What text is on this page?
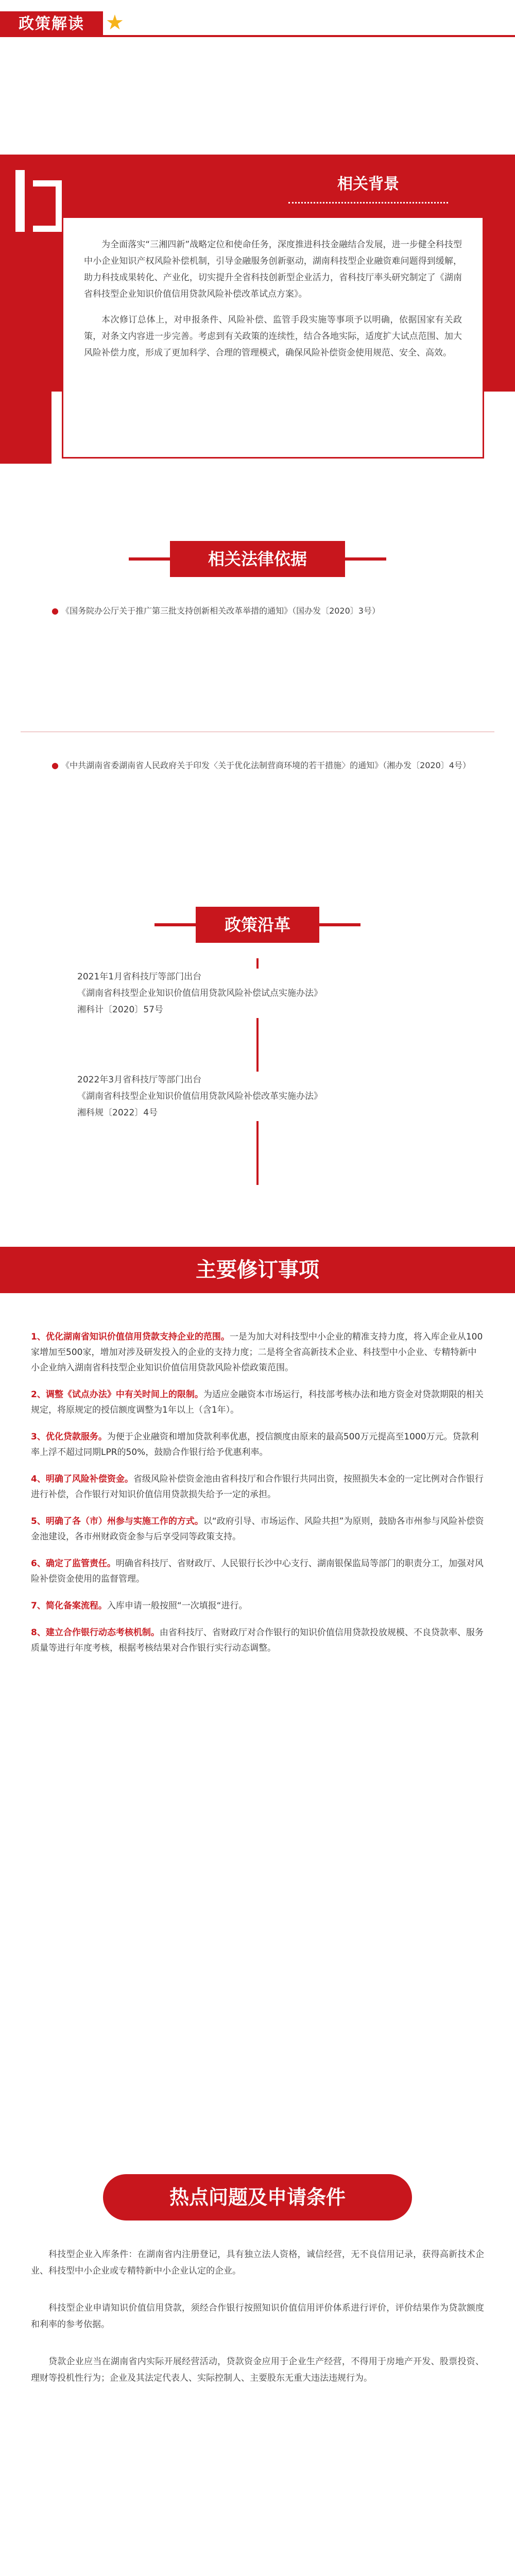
政策解读	★
相关背景

为全面落实“三湘四新”战略定位和使命任务，深度推进科技金融结合发展，进一步健全科技型中小企业知识产权风险补偿机制，引导金融服务创新驱动，湖南科技型企业融资难问题得到缓解，助力科技成果转化、产业化，切实提升全省科技创新型企业活力，省科技厅率头研究制定了《湖南省科技型企业知识价值信用贷款风险补偿改革试点方案》。

本次修订总体上，对申报条件、风险补偿、监管手段实施等事项予以明确，依据国家有关政策，对条文内容进一步完善。考虑到有关政策的连续性，结合各地实际，适度扩大试点范围、加大风险补偿力度，形成了更加科学、合理的管理模式，确保风险补偿资金使用规范、安全、高效。

相关法律依据
● 《国务院办公厅关于推广第三批支持创新相关改革举措的通知》（国办发〔2020〕3号）
● 《中共湖南省委湖南省人民政府关于印发〈关于优化法制营商环境的若干措施〉的通知》（湘办发〔2020〕4号）
政策沿革
2021年1月省科技厅等部门出台
《湖南省科技型企业知识价值信用贷款风险补偿试点实施办法》
湘科计〔2020〕57号
2022年3月省科技厅等部门出台
《湖南省科技型企业知识价值信用贷款风险补偿改革实施办法》
湘科规〔2022〕4号
主要修订事项
1、优化湖南省知识价值信用贷款支持企业的范围。一是为加大对科技型中小企业的精准支持力度，将入库企业从100家增加至500家，增加对涉及研发投入的企业的支持力度；二是将全省高新技术企业、科技型中小企业、专精特新中小企业纳入湖南省科技型企业知识价值信用贷款风险补偿政策范围。
2、调整《试点办法》中有关时间上的限制。为适应金融资本市场运行，科技部考核办法和地方资金对贷款期限的相关规定，将原规定的授信额度调整为1年以上（含1年）。
3、优化贷款服务。为便于企业融资和增加贷款利率优惠，授信额度由原来的最高500万元提高至1000万元。贷款利率上浮不超过同期LPR的50%，鼓励合作银行给予优惠利率。
4、明确了风险补偿资金。省级风险补偿资金池由省科技厅和合作银行共同出资，按照损失本金的一定比例对合作银行进行补偿，合作银行对知识价值信用贷款损失给予一定的承担。
5、明确了各（市）州参与实施工作的方式。以“政府引导、市场运作、风险共担”为原则，鼓励各市州参与风险补偿资金池建设，各市州财政资金参与后享受同等政策支持。
6、确定了监管责任。明确省科技厅、省财政厅、人民银行长沙中心支行、湖南银保监局等部门的职责分工，加强对风险补偿资金使用的监督管理。
7、简化备案流程。入库申请一般按照“一次填报“进行。
8、建立合作银行动态考核机制。由省科技厅、省财政厅对合作银行的知识价值信用贷款投放规模、不良贷款率、服务质量等进行年度考核，根据考核结果对合作银行实行动态调整。
热点问题及申请条件

科技型企业入库条件：在湖南省内注册登记，具有独立法人资格，诚信经营，无不良信用记录，获得高新技术企业、科技型中小企业或专精特新中小企业认定的企业。

科技型企业申请知识价值信用贷款，须经合作银行按照知识价值信用评价体系进行评价，评价结果作为贷款额度和利率的参考依据。

贷款企业应当在湖南省内实际开展经营活动，贷款资金应用于企业生产经营，不得用于房地产开发、股票投资、理财等投机性行为；企业及其法定代表人、实际控制人、主要股东无重大违法违规行为。
